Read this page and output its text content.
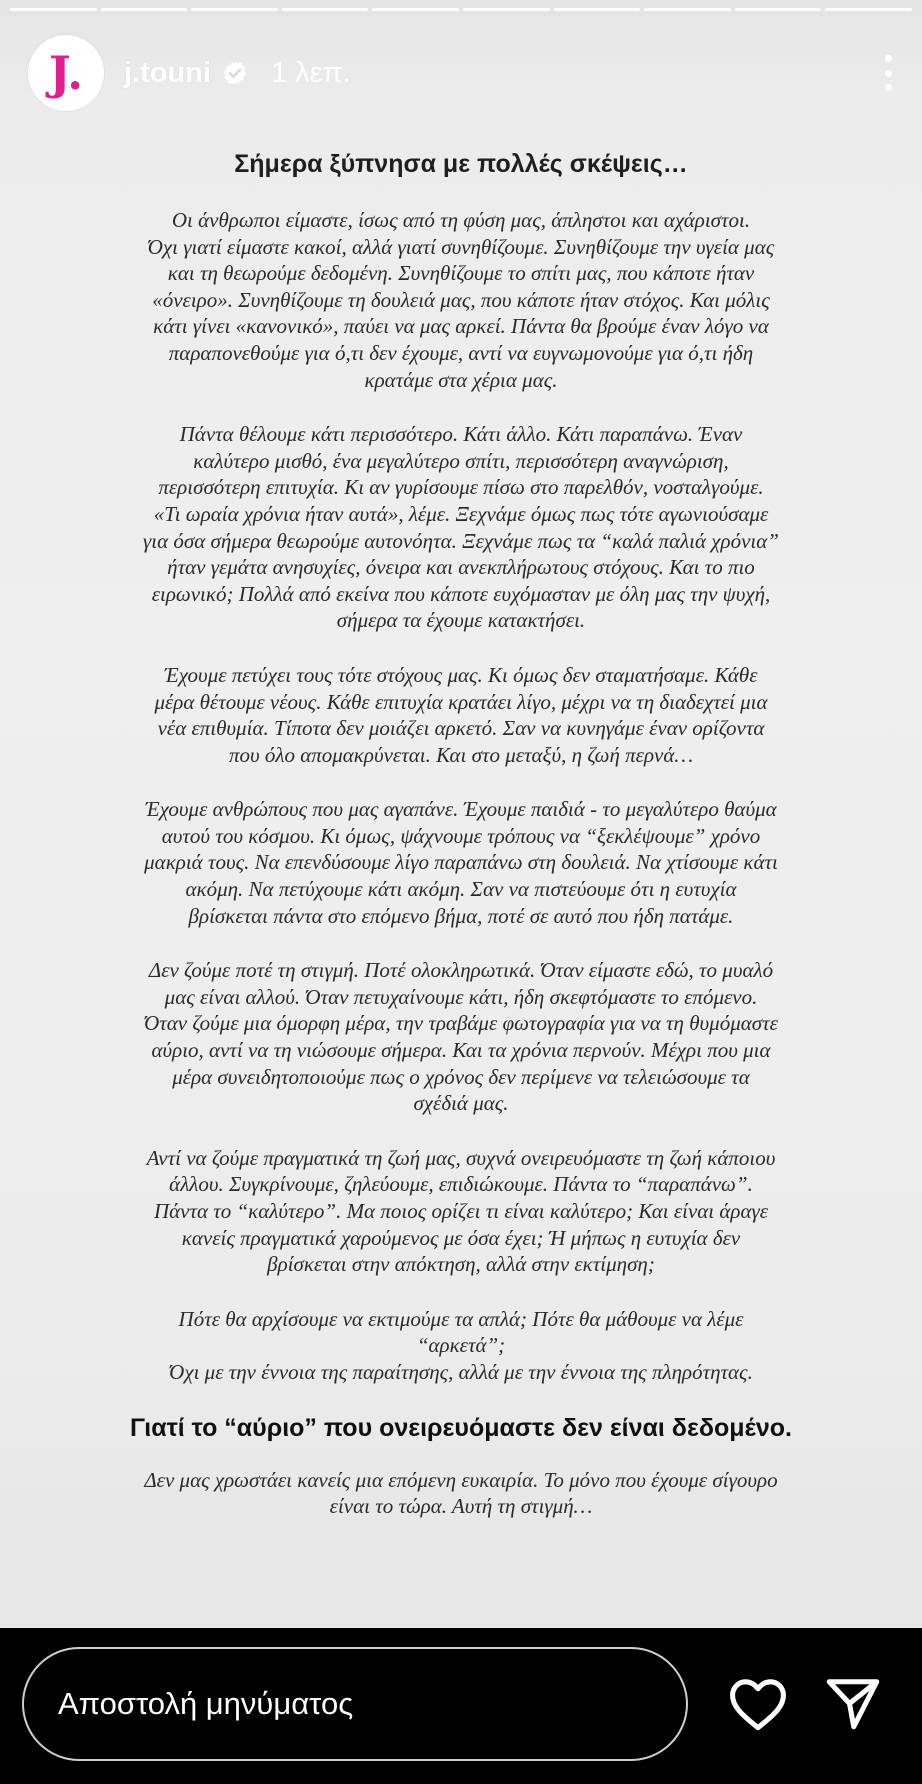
J.	j.touni 1 λεπ.
Σήμερα ξύπνησα με πολλές σκέψεις…
Οι άνθρωποι είμαστε, ίσως από τη φύση μας, άπληστοι και αχάριστοι.
Όχι γιατί είμαστε κακοί, αλλά γιατί συνηθίζουμε. Συνηθίζουμε την υγεία μας
και τη θεωρούμε δεδομένη. Συνηθίζουμε το σπίτι μας, που κάποτε ήταν
«όνειρο». Συνηθίζουμε τη δουλειά μας, που κάποτε ήταν στόχος. Και μόλις
κάτι γίνει «κανονικό», παύει να μας αρκεί. Πάντα θα βρούμε έναν λόγο να
παραπονεθούμε για ό,τι δεν έχουμε, αντί να ευγνωμονούμε για ό,τι ήδη
κρατάμε στα χέρια μας.
Πάντα θέλουμε κάτι περισσότερο. Κάτι άλλο. Κάτι παραπάνω. Έναν
καλύτερο μισθό, ένα μεγαλύτερο σπίτι, περισσότερη αναγνώριση,
περισσότερη επιτυχία. Κι αν γυρίσουμε πίσω στο παρελθόν, νοσταλγούμε.
«Τι ωραία χρόνια ήταν αυτά», λέμε. Ξεχνάμε όμως πως τότε αγωνιούσαμε
για όσα σήμερα θεωρούμε αυτονόητα. Ξεχνάμε πως τα “καλά παλιά χρόνια”
ήταν γεμάτα ανησυχίες, όνειρα και ανεκπλήρωτους στόχους. Και το πιο
ειρωνικό; Πολλά από εκείνα που κάποτε ευχόμασταν με όλη μας την ψυχή,
σήμερα τα έχουμε κατακτήσει.
Έχουμε πετύχει τους τότε στόχους μας. Κι όμως δεν σταματήσαμε. Κάθε
μέρα θέτουμε νέους. Κάθε επιτυχία κρατάει λίγο, μέχρι να τη διαδεχτεί μια
νέα επιθυμία. Τίποτα δεν μοιάζει αρκετό. Σαν να κυνηγάμε έναν ορίζοντα
που όλο απομακρύνεται. Και στο μεταξύ, η ζωή περνά…
Έχουμε ανθρώπους που μας αγαπάνε. Έχουμε παιδιά - το μεγαλύτερο θαύμα
αυτού του κόσμου. Κι όμως, ψάχνουμε τρόπους να “ξεκλέψουμε” χρόνο
μακριά τους. Να επενδύσουμε λίγο παραπάνω στη δουλειά. Να χτίσουμε κάτι
ακόμη. Να πετύχουμε κάτι ακόμη. Σαν να πιστεύουμε ότι η ευτυχία
βρίσκεται πάντα στο επόμενο βήμα, ποτέ σε αυτό που ήδη πατάμε.
Δεν ζούμε ποτέ τη στιγμή. Ποτέ ολοκληρωτικά. Όταν είμαστε εδώ, το μυαλό
μας είναι αλλού. Όταν πετυχαίνουμε κάτι, ήδη σκεφτόμαστε το επόμενο.
Όταν ζούμε μια όμορφη μέρα, την τραβάμε φωτογραφία για να τη θυμόμαστε
αύριο, αντί να τη νιώσουμε σήμερα. Και τα χρόνια περνούν. Μέχρι που μια
μέρα συνειδητοποιούμε πως ο χρόνος δεν περίμενε να τελειώσουμε τα
σχέδιά μας.
Αντί να ζούμε πραγματικά τη ζωή μας, συχνά ονειρευόμαστε τη ζωή κάποιου
άλλου. Συγκρίνουμε, ζηλεύουμε, επιδιώκουμε. Πάντα το “παραπάνω”.
Πάντα το “καλύτερο”. Μα ποιος ορίζει τι είναι καλύτερο; Και είναι άραγε
κανείς πραγματικά χαρούμενος με όσα έχει; Ή μήπως η ευτυχία δεν
βρίσκεται στην απόκτηση, αλλά στην εκτίμηση;
Πότε θα αρχίσουμε να εκτιμούμε τα απλά; Πότε θα μάθουμε να λέμε
“αρκετά”;
Όχι με την έννοια της παραίτησης, αλλά με την έννοια της πληρότητας.
Γιατί το “αύριο” που ονειρευόμαστε δεν είναι δεδομένο.
Δεν μας χρωστάει κανείς μια επόμενη ευκαιρία. Το μόνο που έχουμε σίγουρο
είναι το τώρα. Αυτή τη στιγμή…
Αποστολή μηνύματος
